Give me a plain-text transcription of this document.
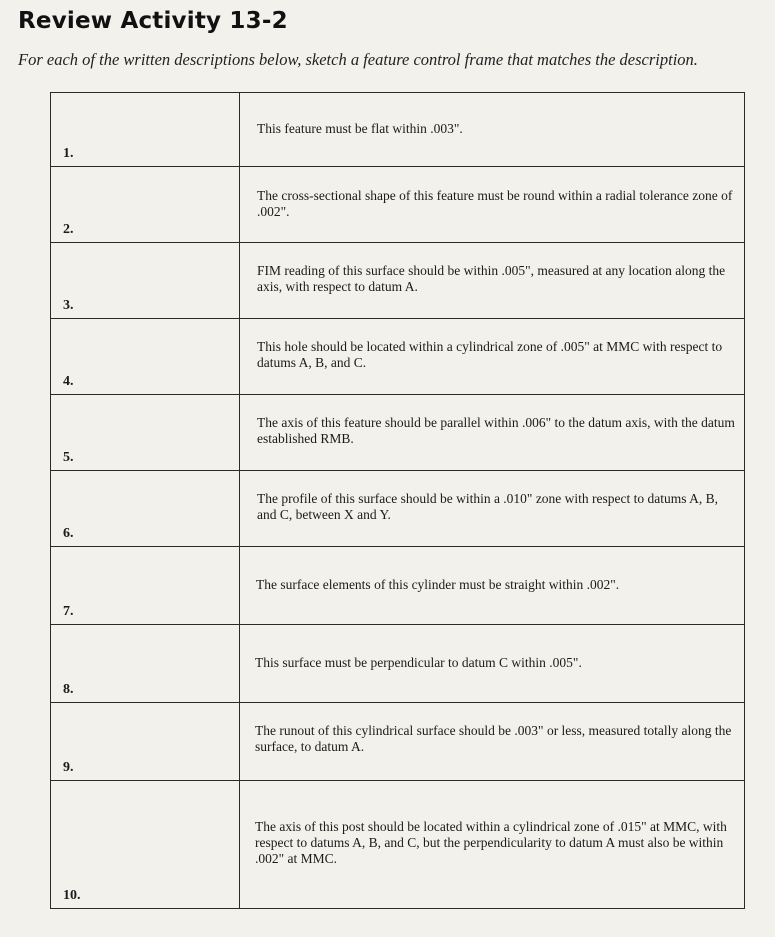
Review Activity 13-2

For each of the written descriptions below, sketch a feature control frame that matches the description.

1.	This feature must be flat within .003".

2.	The cross-sectional shape of this feature must be round within a radial tolerance zone of .002".

3.	FIM reading of this surface should be within .005", measured at any location along the axis, with respect to datum A.

4.	This hole should be located within a cylindrical zone of .005" at MMC with respect to datums A, B, and C.

5.	The axis of this feature should be parallel within .006" to the datum axis, with the datum established RMB.

6.	The profile of this surface should be within a .010" zone with respect to datums A, B, and C, between X and Y.

7.	The surface elements of this cylinder must be straight within .002".

8.	This surface must be perpendicular to datum C within .005".

9.	The runout of this cylindrical surface should be .003" or less, measured totally along the surface, to datum A.

10.	The axis of this post should be located within a cylindrical zone of .015" at MMC, with respect to datums A, B, and C, but the perpendicularity to datum A must also be within .002" at MMC.
